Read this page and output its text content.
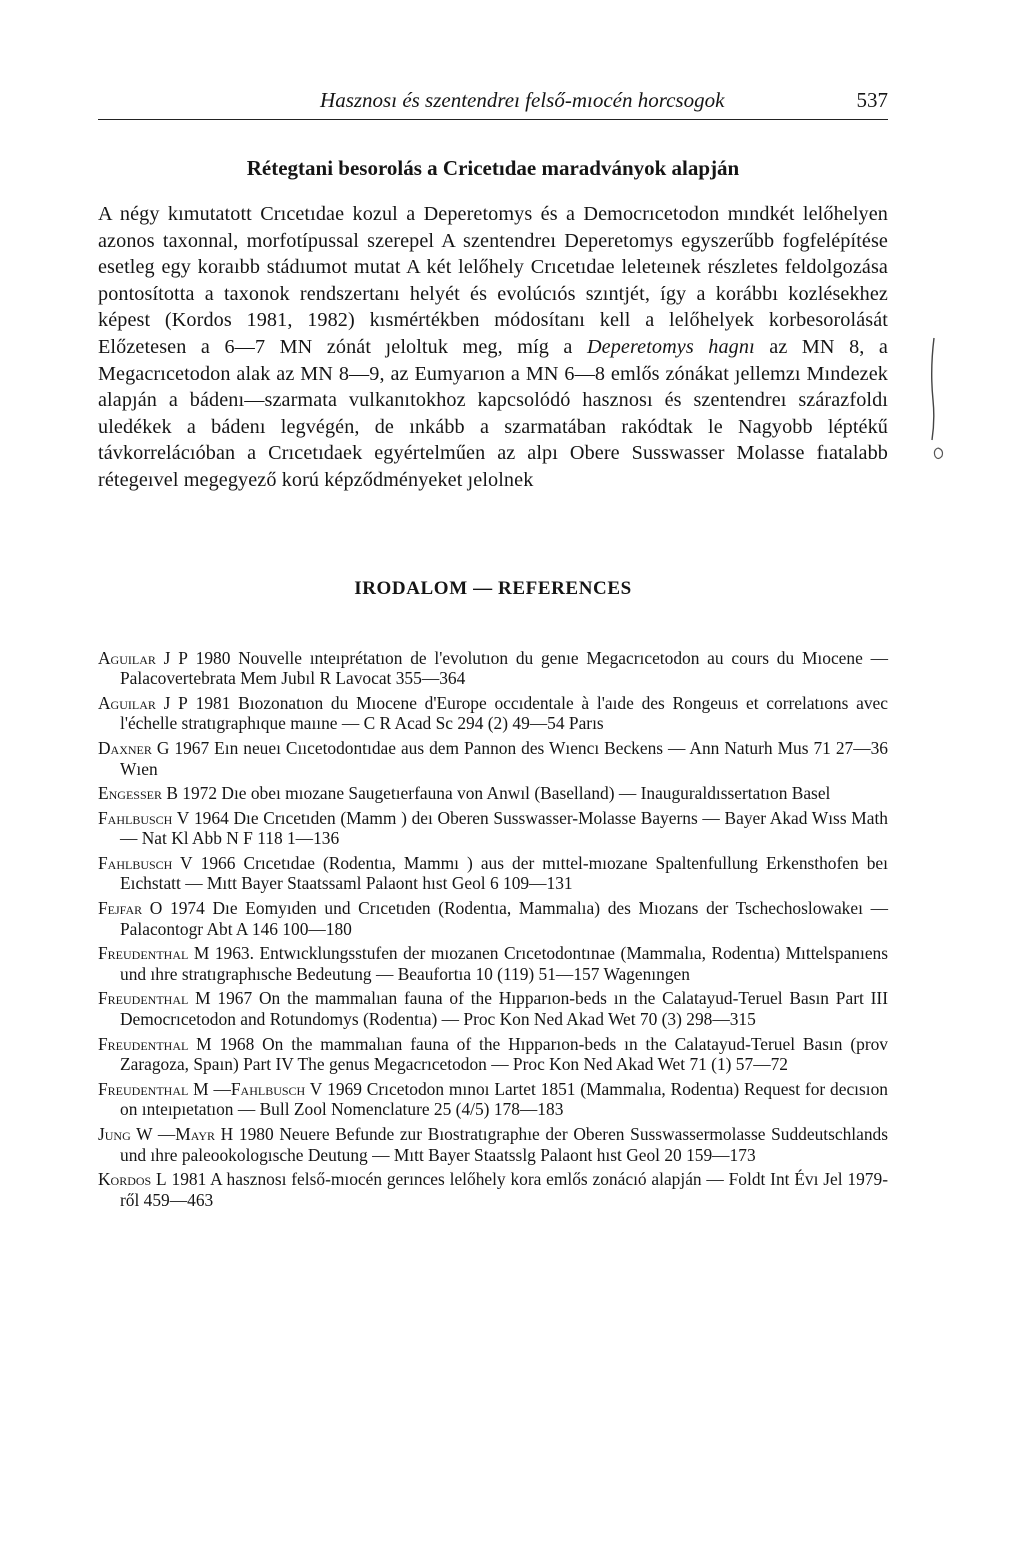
Hasznosı és szentendreı felső-mıocén horcsogok	537
Rétegtani besorolás a Cricetıdae maradványok alapján

A négy kımutatott Crıcetıdae kozul a Deperetomys és a Democrıcetodon mındkét lelőhelyen azonos taxonnal, morfotípussal szerepel A szentendreı Deperetomys egyszerűbb fogfelépítése esetleg egy koraıbb stádıumot mutat A két lelőhely Crıcetıdae leleteınek részletes feldolgozása pontosította a taxonok rendszertanı helyét és evolúcıós szıntjét, így a korábbı kozlésekhez képest (Kordos 1981, 1982) kısmértékben módosítanı kell a lelőhelyek korbesorolását Előzetesen a 6—7 MN zónát ȷeloltuk meg, míg a Deperetomys hagnı az MN 8, a Megacrıcetodon alak az MN 8—9, az Eumyarıon a MN 6—8 emlős zónákat ȷellemzı Mındezek alapȷán a bádenı—szarmata vulkanıtokhoz kapcsolódó hasznosı és szentendreı szárazfoldı uledékek a bádenı legvégén, de ınkább a szarmatában rakódtak le Nagyobb léptékű távkorrelácıóban a Crıcetıdaek egyértelműen az alpı Obere Susswasser Molasse fıatalabb rétegeıvel megegyező korú képződményeket ȷelolnek

IRODALOM — REFERENCES
Aguılar J P 1980 Nouvelle ınteıprétatıon de l'evolutıon du genıe Megacrıcetodon au cours du Mıocene — Palacovertebrata Mem Jubıl R Lavocat 355—364
Aguılar J P 1981 Bıozonatıon du Mıocene d'Europe occıdentale à l'aıde des Rongeuıs et correlatıons avec l'échelle stratıgraphıque maııne — C R Acad Sc 294 (2) 49—54 Parıs
Daxner G 1967 Eın neueı Cııcetodontıdae aus dem Pannon des Wıencı Beckens — Ann Naturh Mus 71 27—36 Wıen
Engesser B 1972 Dıe obeı mıozane Saugetıerfauna von Anwıl (Baselland) — Inauguraldıssertatıon Basel
Fahlbusch V 1964 Dıe Crıcetıden (Mamm ) deı Oberen Susswasser-Molasse Bayerns — Bayer Akad Wıss Math — Nat Kl Abb N F 118 1—136
Fahlbusch V 1966 Crıcetıdae (Rodentıa, Mammı ) aus der mıttel-mıozane Spaltenfullung Erkensthofen beı Eıchstatt — Mıtt Bayer Staatssaml Palaont hıst Geol 6 109—131
Fejfar O 1974 Dıe Eomyıden und Crıcetıden (Rodentıa, Mammalıa) des Mıozans der Tschechoslowakeı — Palacontogr Abt A 146 100—180
Freudenthal M 1963. Entwıcklungsstufen der mıozanen Crıcetodontınae (Mammalıa, Rodentıa) Mıttelspanıens und ıhre stratıgraphısche Bedeutung — Beaufortıa 10 (119) 51—157 Wagenıngen
Freudenthal M 1967 On the mammalıan fauna of the Hıpparıon-beds ın the Calatayud-Teruel Basın Part III Democrıcetodon and Rotundomys (Rodentıa) — Proc Kon Ned Akad Wet 70 (3) 298—315
Freudenthal M 1968 On the mammalıan fauna of the Hıpparıon-beds ın the Calatayud-Teruel Basın (prov Zaragoza, Spaın) Part IV The genus Megacrıcetodon — Proc Kon Ned Akad Wet 71 (1) 57—72
Freudenthal M —Fahlbusch V 1969 Crıcetodon mınoı Lartet 1851 (Mammalıa, Rodentıa) Request for decısıon on ınteıpıetatıon — Bull Zool Nomenclature 25 (4/5) 178—183
Jung W —Mayr H 1980 Neuere Befunde zur Bıostratıgraphıe der Oberen Susswassermolasse Suddeutschlands und ıhre paleookologısche Deutung — Mıtt Bayer Staatsslg Palaont hıst Geol 20 159—173
Kordos L 1981 A hasznosı felső-mıocén gerınces lelőhely kora emlős zonácıó alapján — Foldt Int Évı Jel 1979-ről 459—463
